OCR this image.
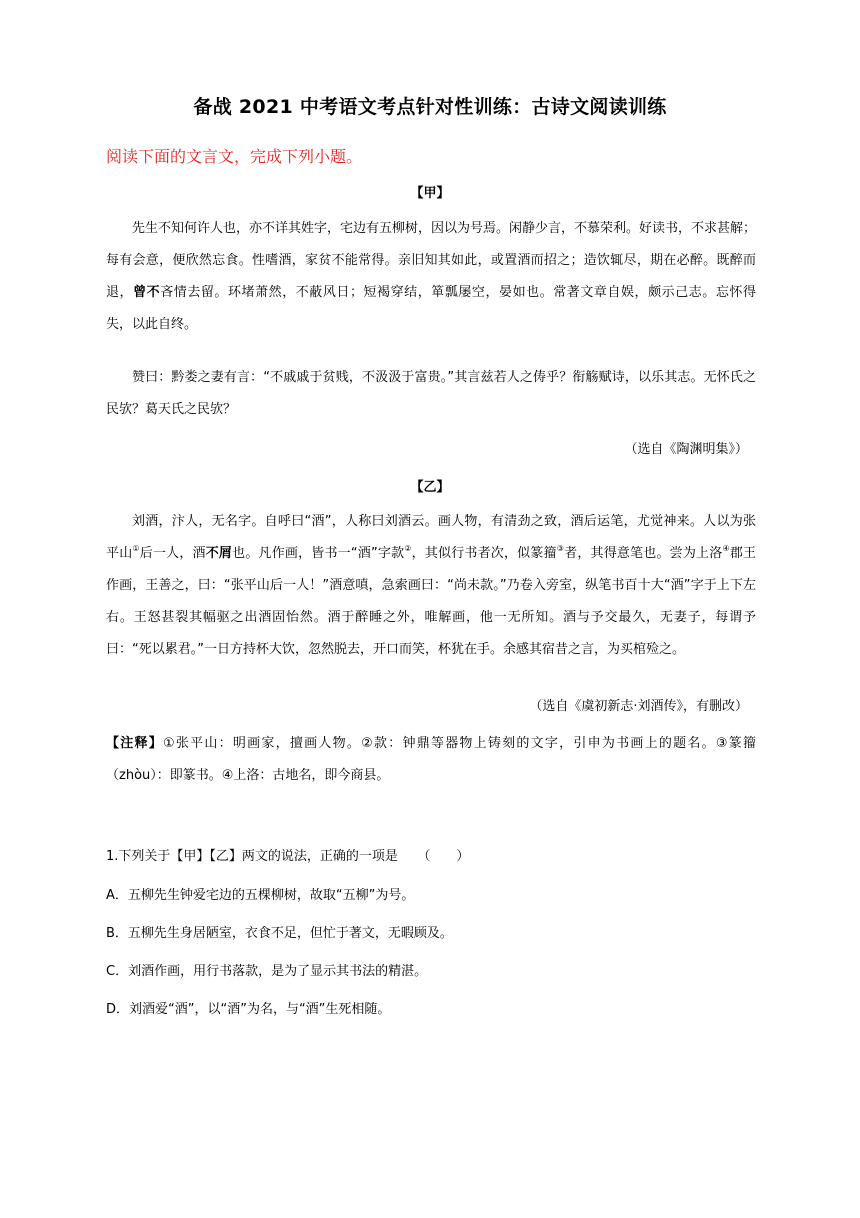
备战 2021 中考语文考点针对性训练：古诗文阅读训练
阅读下面的文言文，完成下列小题。
【甲】
先生不知何许人也，亦不详其姓字，宅边有五柳树，因以为号焉。闲静少言，不慕荣利。好读书，不求甚解；每有会意，便欣然忘食。性嗜酒，家贫不能常得。亲旧知其如此，或置酒而招之；造饮辄尽，期在必醉。既醉而退，曾不吝情去留。环堵萧然，不蔽风日；短褐穿结，箪瓢屡空，晏如也。常著文章自娱，颇示己志。忘怀得失，以此自终。
赞曰：黔娄之妻有言：“不戚戚于贫贱，不汲汲于富贵。”其言兹若人之俦乎？衔觞赋诗，以乐其志。无怀氏之民欤？葛天氏之民欤？
（选自《陶渊明集》）
【乙】
刘酒，汴人，无名字。自呼曰“酒”，人称曰刘酒云。画人物，有清劲之致，酒后运笔，尤觉神来。人以为张平山①后一人，酒不屑也。凡作画，皆书一“酒”字款②，其似行书者次，似篆籀③者，其得意笔也。尝为上洛④郡王作画，王善之，曰：“张平山后一人！”酒意嗔，急索画曰：“尚未款。”乃卷入旁室，纵笔书百十大“酒”字于上下左右。王怒甚裂其幅驱之出酒固怡然。酒于醉睡之外，唯解画，他一无所知。酒与予交最久，无妻子，每谓予曰：“死以累君。”一日方持杯大饮，忽然脱去，开口而笑，杯犹在手。余感其宿昔之言，为买棺殓之。
（选自《虞初新志·刘酒传》，有删改）
【注释】①张平山：明画家，擅画人物。②款：钟鼎等器物上铸刻的文字，引申为书画上的题名。③篆籀（zhòu）：即篆书。④上洛：古地名，即今商县。
1.下列关于【甲】【乙】两文的说法，正确的一项是　　（　　）
A．五柳先生钟爱宅边的五棵柳树，故取“五柳”为号。
B．五柳先生身居陋室，衣食不足，但忙于著文，无暇顾及。
C．刘酒作画，用行书落款，是为了显示其书法的精湛。
D．刘酒爱“酒”，以“酒”为名，与“酒”生死相随。
